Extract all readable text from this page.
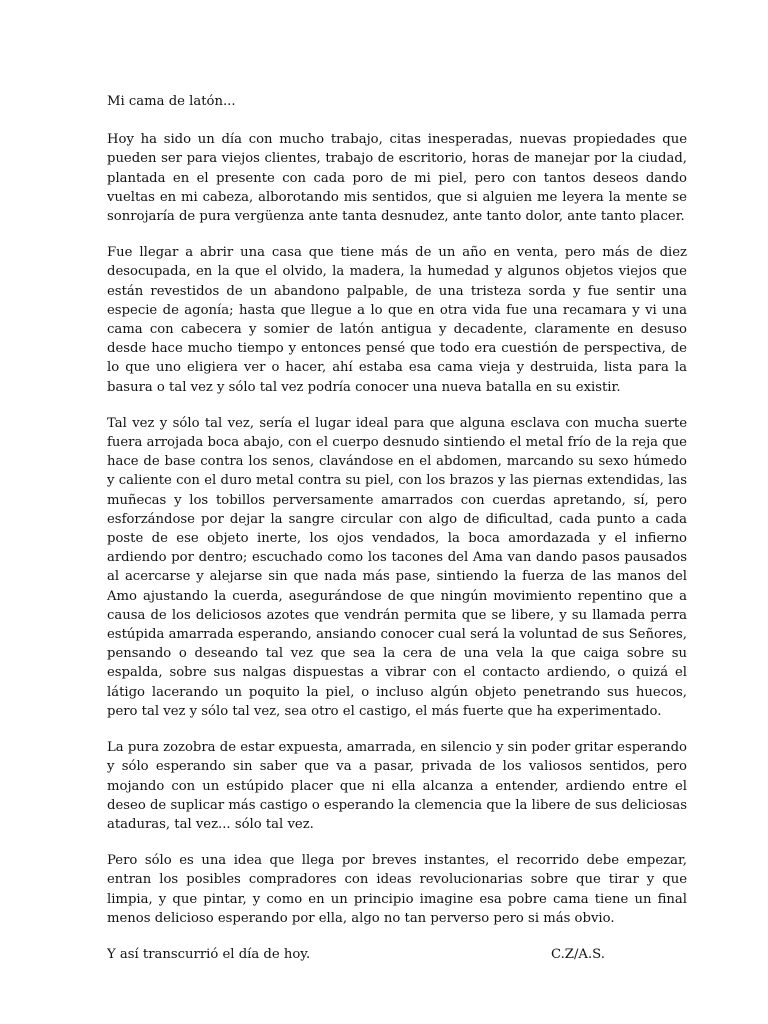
Mi cama de latón...

Hoy ha sido un día con mucho trabajo, citas inesperadas, nuevas propiedades que pueden ser para viejos clientes, trabajo de escritorio, horas de manejar por la ciudad, plantada en el presente con cada poro de mi piel, pero con tantos deseos dando vueltas en mi cabeza, alborotando mis sentidos, que si alguien me leyera la mente se sonrojaría de pura vergüenza ante tanta desnudez, ante tanto dolor, ante tanto placer.

Fue llegar a abrir una casa que tiene más de un año en venta, pero más de diez desocupada, en la que el olvido, la madera, la humedad y algunos objetos viejos que están revestidos de un abandono palpable, de una tristeza sorda y fue sentir una especie de agonía; hasta que llegue a lo que en otra vida fue una recamara y vi una cama con cabecera y somier de latón antigua y decadente, claramente en desuso desde hace mucho tiempo y entonces pensé que todo era cuestión de perspectiva, de lo que uno eligiera ver o hacer, ahí estaba esa cama vieja y destruida, lista para la basura o tal vez y sólo tal vez podría conocer una nueva batalla en su existir.

Tal vez y sólo tal vez, sería el lugar ideal para que alguna esclava con mucha suerte fuera arrojada boca abajo, con el cuerpo desnudo sintiendo el metal frío de la reja que hace de base contra los senos, clavándose en el abdomen, marcando su sexo húmedo y caliente con el duro metal contra su piel, con los brazos y las piernas extendidas, las muñecas y los tobillos perversamente amarrados con cuerdas apretando, sí, pero esforzándose por dejar la sangre circular con algo de dificultad, cada punto a cada poste de ese objeto inerte, los ojos vendados, la boca amordazada y el infierno ardiendo por dentro; escuchado como los tacones del Ama van dando pasos pausados al acercarse y alejarse sin que nada más pase, sintiendo la fuerza de las manos del Amo ajustando la cuerda, asegurándose de que ningún movimiento repentino que a causa de los deliciosos azotes que vendrán permita que se libere, y su llamada perra estúpida amarrada esperando, ansiando conocer cual será la voluntad de sus Señores, pensando o deseando tal vez que sea la cera de una vela la que caiga sobre su espalda, sobre sus nalgas dispuestas a vibrar con el contacto ardiendo, o quizá el látigo lacerando un poquito la piel, o incluso algún objeto penetrando sus huecos, pero tal vez y sólo tal vez, sea otro el castigo, el más fuerte que ha experimentado.

La pura zozobra de estar expuesta, amarrada, en silencio y sin poder gritar esperando y sólo esperando sin saber que va a pasar, privada de los valiosos sentidos, pero mojando con un estúpido placer que ni ella alcanza a entender, ardiendo entre el deseo de suplicar más castigo o esperando la clemencia que la libere de sus deliciosas ataduras, tal vez... sólo tal vez.

Pero sólo es una idea que llega por breves instantes, el recorrido debe empezar, entran los posibles compradores con ideas revolucionarias sobre que tirar y que limpia, y que pintar, y como en un principio imagine esa pobre cama tiene un final menos delicioso esperando por ella, algo no tan perverso pero si más obvio.

Y así transcurrió el día de hoy.	C.Z/A.S.
